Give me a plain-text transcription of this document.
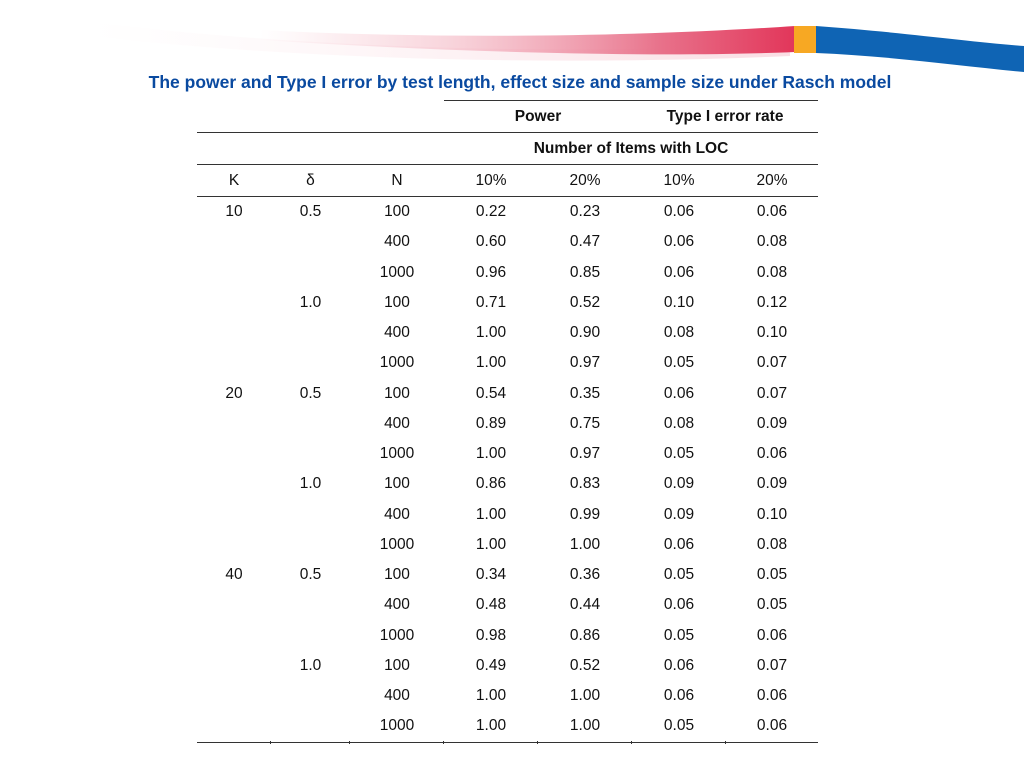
The power and Type I error by test length, effect size and sample size under Rasch model
			Power		Type I error rate	
			Number of Items with LOC			
K	δ	N	10%	20%	10%	20%
10	0.5	100	0.22	0.23	0.06	0.06
		400	0.60	0.47	0.06	0.08
		1000	0.96	0.85	0.06	0.08
	1.0	100	0.71	0.52	0.10	0.12
		400	1.00	0.90	0.08	0.10
		1000	1.00	0.97	0.05	0.07
20	0.5	100	0.54	0.35	0.06	0.07
		400	0.89	0.75	0.08	0.09
		1000	1.00	0.97	0.05	0.06
	1.0	100	0.86	0.83	0.09	0.09
		400	1.00	0.99	0.09	0.10
		1000	1.00	1.00	0.06	0.08
40	0.5	100	0.34	0.36	0.05	0.05
		400	0.48	0.44	0.06	0.05
		1000	0.98	0.86	0.05	0.06
	1.0	100	0.49	0.52	0.06	0.07
		400	1.00	1.00	0.06	0.06
		1000	1.00	1.00	0.05	0.06
